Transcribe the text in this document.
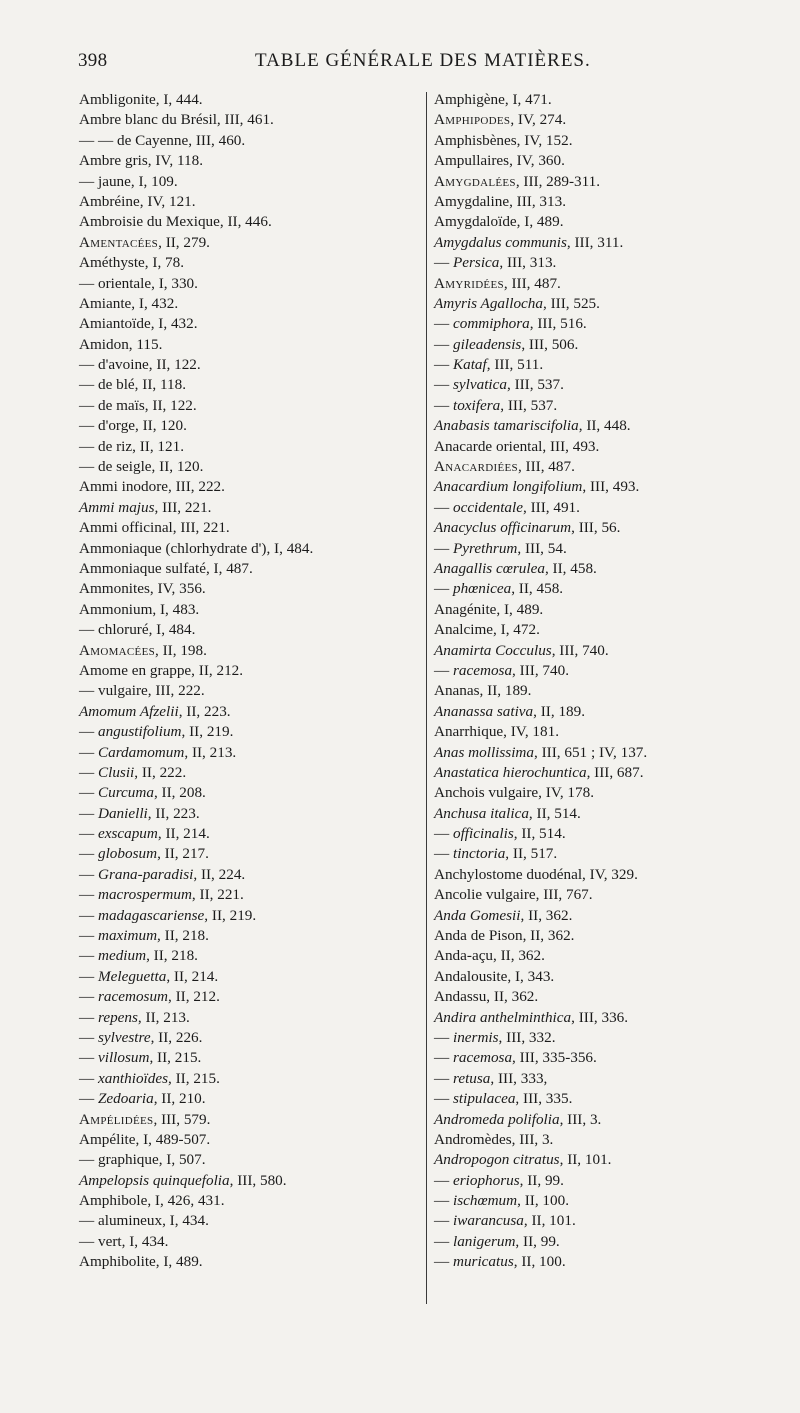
398	TABLE GÉNÉRALE DES MATIÈRES.
Ambligonite, I, 444.
Ambre blanc du Brésil, III, 461.
— — de Cayenne, III, 460.
Ambre gris, IV, 118.
— jaune, I, 109.
Ambréine, IV, 121.
Ambroisie du Mexique, II, 446.
Amentacées, II, 279.
Améthyste, I, 78.
— orientale, I, 330.
Amiante, I, 432.
Amiantoïde, I, 432.
Amidon, 115.
— d'avoine, II, 122.
— de blé, II, 118.
— de maïs, II, 122.
— d'orge, II, 120.
— de riz, II, 121.
— de seigle, II, 120.
Ammi inodore, III, 222.
Ammi majus, III, 221.
Ammi officinal, III, 221.
Ammoniaque (chlorhydrate d'), I, 484.
Ammoniaque sulfaté, I, 487.
Ammonites, IV, 356.
Ammonium, I, 483.
— chloruré, I, 484.
Amomacées, II, 198.
Amome en grappe, II, 212.
— vulgaire, III, 222.
Amomum Afzelii, II, 223.
— angustifolium, II, 219.
— Cardamomum, II, 213.
— Clusii, II, 222.
— Curcuma, II, 208.
— Danielli, II, 223.
— exscapum, II, 214.
— globosum, II, 217.
— Grana-paradisi, II, 224.
— macrospermum, II, 221.
— madagascariense, II, 219.
— maximum, II, 218.
— medium, II, 218.
— Meleguetta, II, 214.
— racemosum, II, 212.
— repens, II, 213.
— sylvestre, II, 226.
— villosum, II, 215.
— xanthioïdes, II, 215.
— Zedoaria, II, 210.
Ampélidées, III, 579.
Ampélite, I, 489-507.
— graphique, I, 507.
Ampelopsis quinquefolia, III, 580.
Amphibole, I, 426, 431.
— alumineux, I, 434.
— vert, I, 434.
Amphibolite, I, 489.
Amphigène, I, 471.
Amphipodes, IV, 274.
Amphisbènes, IV, 152.
Ampullaires, IV, 360.
Amygdalées, III, 289-311.
Amygdaline, III, 313.
Amygdaloïde, I, 489.
Amygdalus communis, III, 311.
— Persica, III, 313.
Amyridées, III, 487.
Amyris Agallocha, III, 525.
— commiphora, III, 516.
— gileadensis, III, 506.
— Kataf, III, 511.
— sylvatica, III, 537.
— toxifera, III, 537.
Anabasis tamariscifolia, II, 448.
Anacarde oriental, III, 493.
Anacardiées, III, 487.
Anacardium longifolium, III, 493.
— occidentale, III, 491.
Anacyclus officinarum, III, 56.
— Pyrethrum, III, 54.
Anagallis cœrulea, II, 458.
— phœnicea, II, 458.
Anagénite, I, 489.
Analcime, I, 472.
Anamirta Cocculus, III, 740.
— racemosa, III, 740.
Ananas, II, 189.
Ananassa sativa, II, 189.
Anarrhique, IV, 181.
Anas mollissima, III, 651 ; IV, 137.
Anastatica hierochuntica, III, 687.
Anchois vulgaire, IV, 178.
Anchusa italica, II, 514.
— officinalis, II, 514.
— tinctoria, II, 517.
Anchylostome duodénal, IV, 329.
Ancolie vulgaire, III, 767.
Anda Gomesii, II, 362.
Anda de Pison, II, 362.
Anda-açu, II, 362.
Andalousite, I, 343.
Andassu, II, 362.
Andira anthelminthica, III, 336.
— inermis, III, 332.
— racemosa, III, 335-356.
— retusa, III, 333,
— stipulacea, III, 335.
Andromeda polifolia, III, 3.
Andromèdes, III, 3.
Andropogon citratus, II, 101.
— eriophorus, II, 99.
— ischœmum, II, 100.
— iwarancusa, II, 101.
— lanigerum, II, 99.
— muricatus, II, 100.
